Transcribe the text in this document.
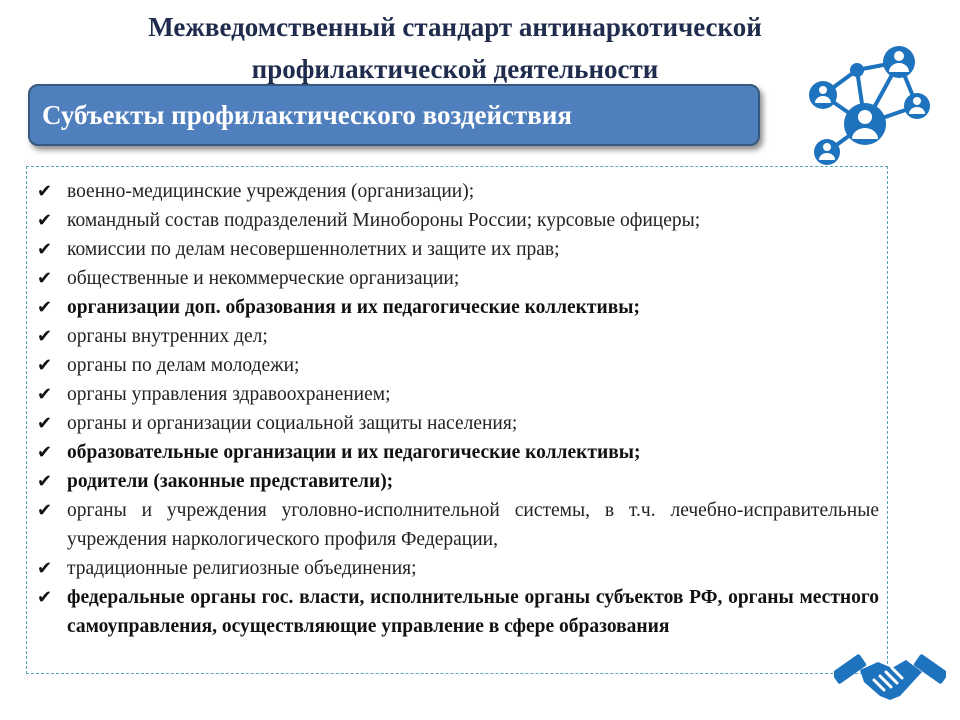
Межведомственный стандарт антинаркотической профилактической деятельности
Субъекты профилактического воздействия
✔ военно-медицинские учреждения (организации);
✔ командный состав подразделений Минобороны России; курсовые офицеры;
✔ комиссии по делам несовершеннолетних и защите их прав;
✔ общественные и некоммерческие организации;
✔ организации доп. образования и их педагогические коллективы;
✔ органы внутренних дел;
✔ органы по делам молодежи;
✔ органы управления здравоохранением;
✔ органы и организации социальной защиты населения;
✔ образовательные организации и их педагогические коллективы;
✔ родители (законные представители);
✔ органы и учреждения уголовно-исполнительной системы, в т.ч. лечебно-исправительные учреждения наркологического профиля Федерации,
✔ традиционные религиозные объединения;
✔ федеральные органы гос. власти, исполнительные органы субъектов РФ, органы местного самоуправления, осуществляющие управление в сфере образования
